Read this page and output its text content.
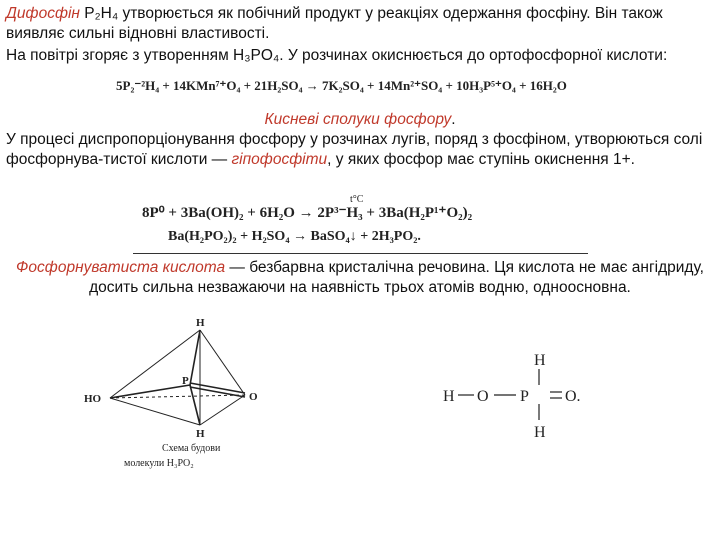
Дифосфін P₂H₄ утворюється як побічний продукт у реакціях одержання фосфіну. Він також виявляє сильні відновні властивості.

На повітрі згоряє з утворенням H₃PO₄. У розчинах окиснюється до ортофосфорної кислоти:

5P₂⁻²H₄ + 14KMn⁷⁺O₄ + 21H₂SO₄ → 7K₂SO₄ + 14Mn²⁺SO₄ + 10H₃P⁵⁺O₄ + 16H₂O
Кисневі сполуки фосфору.

У процесі диспропорціонування фосфору у розчинах лугів, поряд з фосфіном, утворюються солі фосфорнува-тистої кислоти — гіпофосфіти, у яких фосфор має ступінь окиснення 1+.

t°C
8P⁰ + 3Ba(OH)₂ + 6H₂O → 2P³⁻H₃ + 3Ba(H₂P¹⁺O₂)₂
Ba(H₂PO₂)₂ + H₂SO₄ → BaSO₄↓ + 2H₃PO₂.

Фосфорнуватиста кислота — безбарвна кристалічна речовина. Ця кислота не має ангідриду, досить сильна незважаючи на наявність трьох атомів водню, одноосновна.

H
P
HO	O
H
Схема будови
молекули H₃PO₂
H
H O P O.
H
